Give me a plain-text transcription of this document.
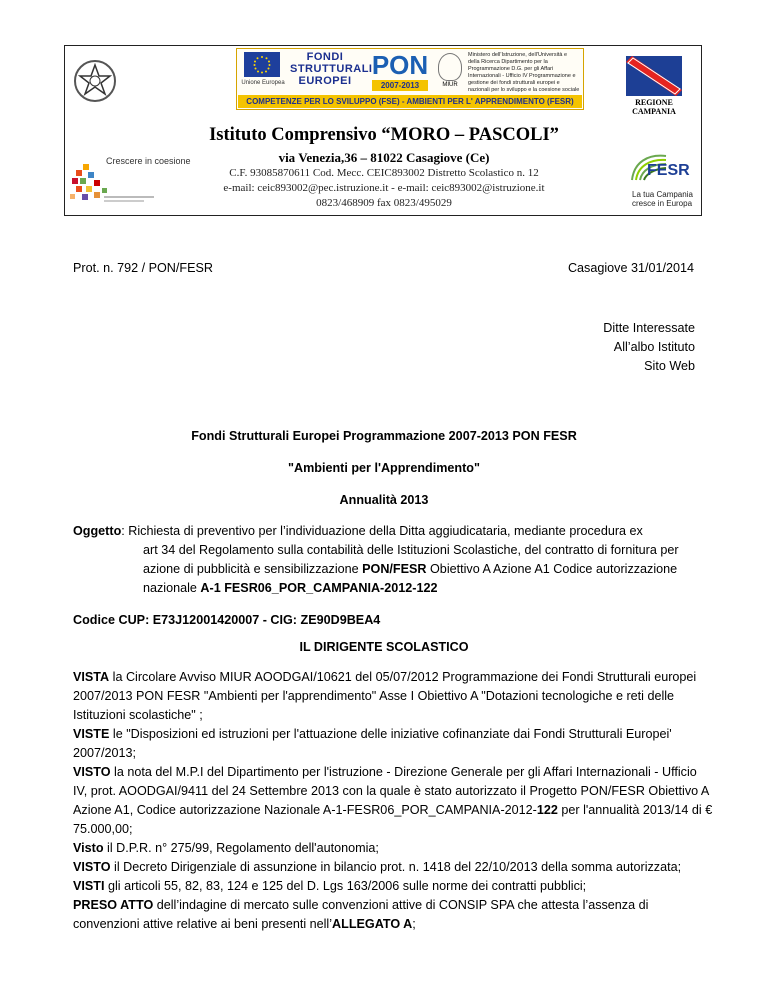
Unione Europea
FONDI
STRUTTURALI
EUROPEI
PON
2007-2013	MIUR
Ministero dell'Istruzione, dell'Università e della Ricerca Dipartimento per la Programmazione D.G. per gli Affari Internazionali - Ufficio IV Programmazione e gestione dei fondi strutturali europei e nazionali per lo sviluppo e la coesione sociale
COMPETENZE PER LO SVILUPPO (FSE) - AMBIENTI PER L' APPRENDIMENTO (FESR)	REGIONE CAMPANIA
Istituto Comprensivo “MORO – PASCOLI”
via Venezia,36 – 81022 Casagiove (Ce)
C.F. 93085870611 Cod. Mecc. CEIC893002 Distretto Scolastico n. 12
e-mail: ceic893002@pec.istruzione.it - e-mail: ceic893002@istruzione.it
0823/468909 fax 0823/495029
Crescere in coesione
FESR
La tua Campania cresce in Europa
Prot. n. 792 / PON/FESR	Casagiove 31/01/2014
Ditte Interessate
All’albo Istituto
Sito Web
Fondi Strutturali Europei Programmazione 2007-2013 PON FESR
"Ambienti per l'Apprendimento"
Annualità 2013
Oggetto: Richiesta di preventivo per l’individuazione della Ditta aggiudicataria, mediante procedura ex
art 34 del Regolamento sulla contabilità delle Istituzioni Scolastiche, del contratto di fornitura per
azione di pubblicità e sensibilizzazione PON/FESR Obiettivo A Azione A1 Codice autorizzazione
nazionale A-1 FESR06_POR_CAMPANIA-2012-122
Codice CUP: E73J12001420007 - CIG: ZE90D9BEA4
IL DIRIGENTE SCOLASTICO

VISTA la Circolare Avviso MIUR AOODGAI/10621 del 05/07/2012 Programmazione dei Fondi Strutturali europei 2007/2013 PON FESR "Ambienti per l'apprendimento" Asse I Obiettivo A "Dotazioni tecnologiche e reti delle Istituzioni scolastiche" ;

VISTE le "Disposizioni ed istruzioni per l'attuazione delle iniziative cofinanziate dai Fondi Strutturali Europei' 2007/2013;

VISTO la nota del M.P.I del Dipartimento per l'istruzione - Direzione Generale per gli Affari Internazionali - Ufficio IV, prot. AOODGAI/9411 del 24 Settembre 2013 con la quale è stato autorizzato il Progetto PON/FESR Obiettivo A Azione A1, Codice autorizzazione Nazionale A-1-FESR06_POR_CAMPANIA-2012-122 per l'annualità 2013/14 di € 75.000,00;

Visto il D.P.R. n° 275/99, Regolamento dell'autonomia;

VISTO il Decreto Dirigenziale di assunzione in bilancio prot. n. 1418 del 22/10/2013 della somma autorizzata;

VISTI gli articoli 55, 82, 83, 124 e 125 del D. Lgs 163/2006 sulle norme dei contratti pubblici;

PRESO ATTO dell’indagine di mercato sulle convenzioni attive di CONSIP SPA che attesta l’assenza di convenzioni attive relative ai beni presenti nell’ALLEGATO A;
